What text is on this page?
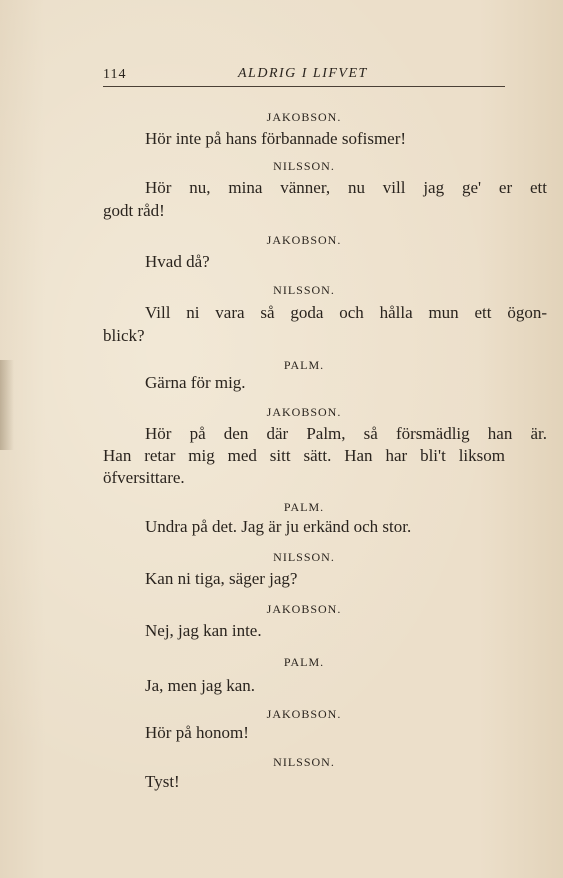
114	ALDRIG I LIFVET
JAKOBSON.
Hör inte på hans förbannade sofismer!
NILSSON.
Hör nu, mina vänner, nu vill jag ge' er ett
godt råd!
JAKOBSON.
Hvad då?
NILSSON.
Vill ni vara så goda och hålla mun ett ögon-
blick?
PALM.
Gärna för mig.
JAKOBSON.
Hör på den där Palm, så försmädlig han är.
Han retar mig med sitt sätt. Han har bli't liksom
öfversittare.
PALM.
Undra på det. Jag är ju erkänd och stor.
NILSSON.
Kan ni tiga, säger jag?
JAKOBSON.
Nej, jag kan inte.
PALM.
Ja, men jag kan.
JAKOBSON.
Hör på honom!
NILSSON.
Tyst!
